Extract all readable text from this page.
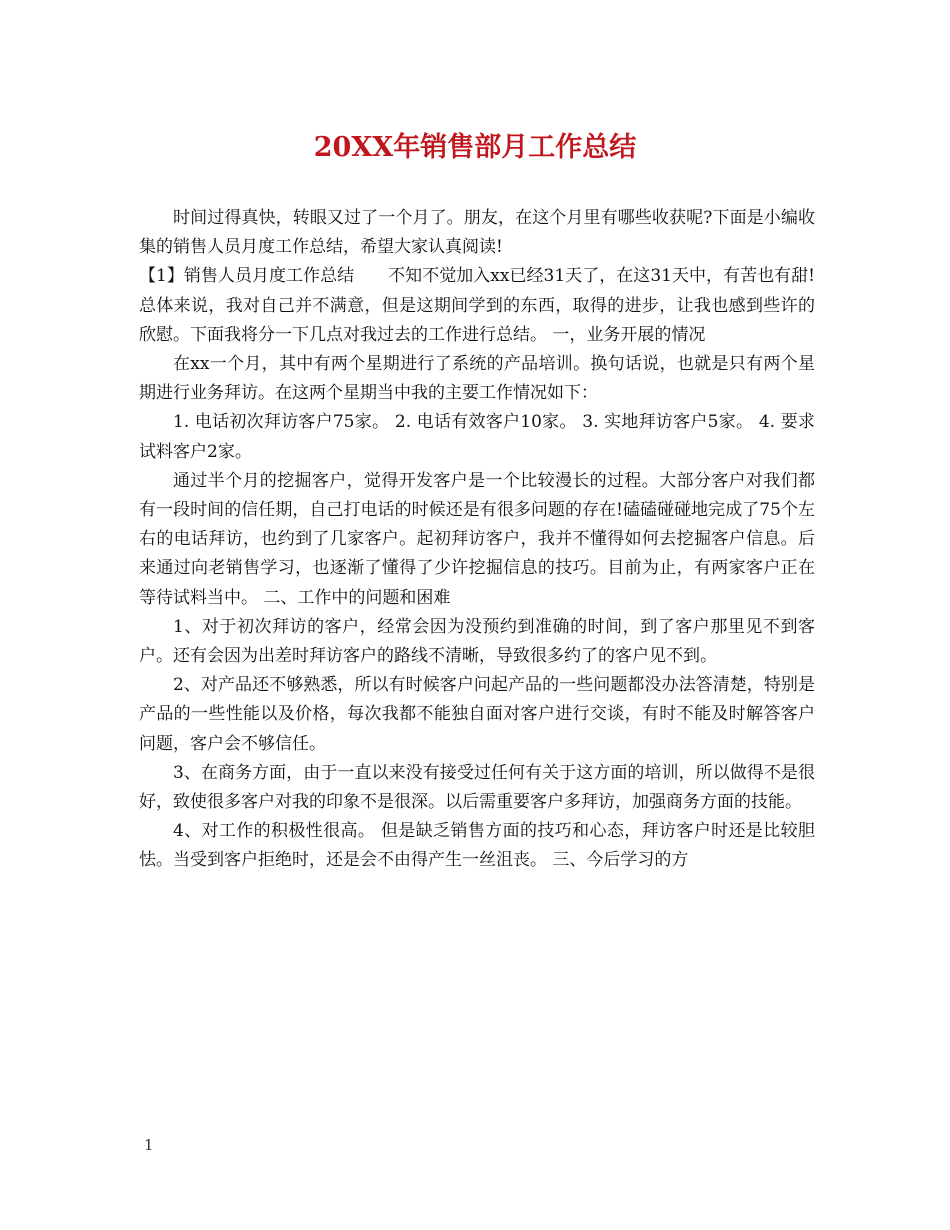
20XX年销售部月工作总结

时间过得真快，转眼又过了一个月了。朋友，在这个月里有哪些收获呢?下面是小编收集的销售人员月度工作总结，希望大家认真阅读!

【1】销售人员月度工作总结　　不知不觉加入xx已经31天了，在这31天中，有苦也有甜!总体来说，我对自己并不满意，但是这期间学到的东西，取得的进步，让我也感到些许的欣慰。下面我将分一下几点对我过去的工作进行总结。 一，业务开展的情况

在xx一个月，其中有两个星期进行了系统的产品培训。换句话说，也就是只有两个星期进行业务拜访。在这两个星期当中我的主要工作情况如下：

1. 电话初次拜访客户75家。 2. 电话有效客户10家。 3. 实地拜访客户5家。 4. 要求试料客户2家。

通过半个月的挖掘客户，觉得开发客户是一个比较漫长的过程。大部分客户对我们都有一段时间的信任期，自己打电话的时候还是有很多问题的存在!磕磕碰碰地完成了75个左右的电话拜访，也约到了几家客户。起初拜访客户，我并不懂得如何去挖掘客户信息。后来通过向老销售学习，也逐渐了懂得了少许挖掘信息的技巧。目前为止，有两家客户正在等待试料当中。 二、工作中的问题和困难

1、对于初次拜访的客户，经常会因为没预约到准确的时间，到了客户那里见不到客户。还有会因为出差时拜访客户的路线不清晰，导致很多约了的客户见不到。

2、对产品还不够熟悉，所以有时候客户问起产品的一些问题都没办法答清楚，特别是产品的一些性能以及价格，每次我都不能独自面对客户进行交谈，有时不能及时解答客户问题，客户会不够信任。

3、在商务方面，由于一直以来没有接受过任何有关于这方面的培训，所以做得不是很好，致使很多客户对我的印象不是很深。以后需重要客户多拜访，加强商务方面的技能。

4、对工作的积极性很高。 但是缺乏销售方面的技巧和心态，拜访客户时还是比较胆怯。当受到客户拒绝时，还是会不由得产生一丝沮丧。 三、今后学习的方

1
